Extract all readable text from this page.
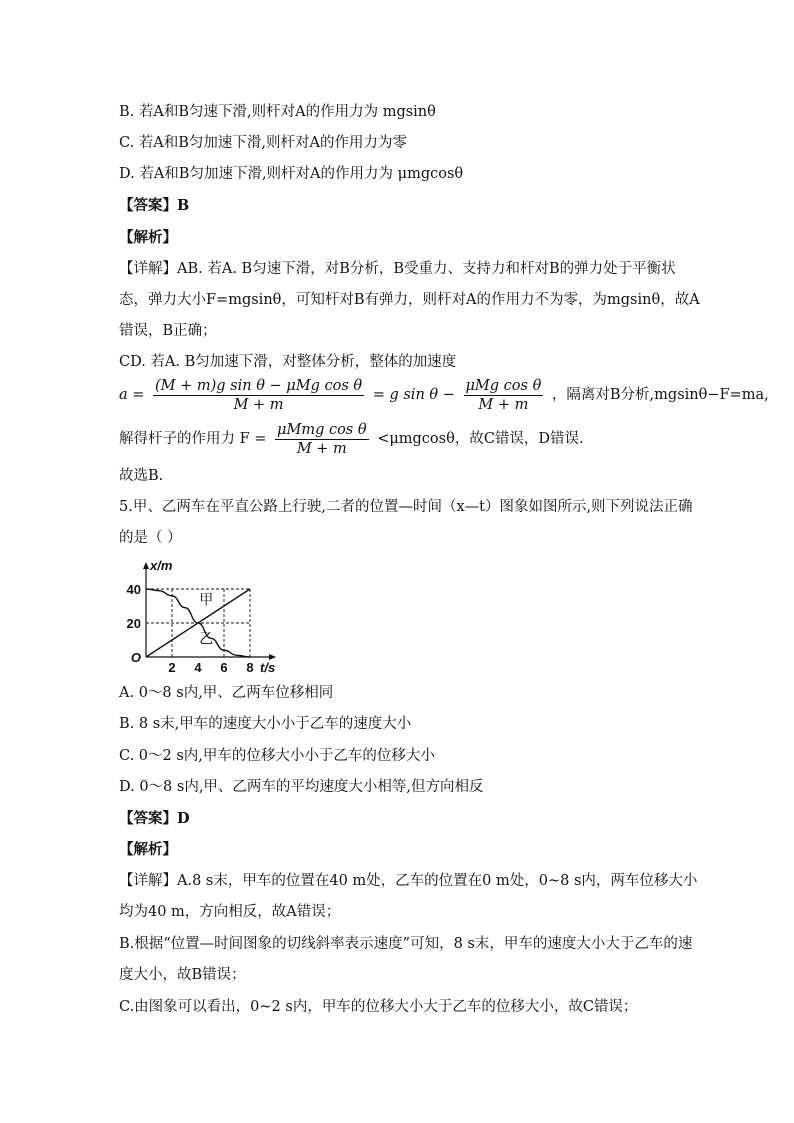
B. 若A和B匀速下滑,则杆对A的作用力为 mgsinθ
C. 若A和B匀加速下滑,则杆对A的作用力为零
D. 若A和B匀加速下滑,则杆对A的作用力为 μmgcosθ
【答案】B
【解析】
【详解】AB. 若A. B匀速下滑，对B分析，B受重力、支持力和杆对B的弹力处于平衡状
态，弹力大小F=mgsinθ，可知杆对B有弹力，则杆对A的作用力不为零，为mgsinθ，故A
错误，B正确；
CD. 若A. B匀加速下滑，对整体分析，整体的加速度
$a = \frac{\text{(M + m)g sin θ − μMg cos θ}}{M + m} = g$ $\sin \theta - \frac{\text{μMg cos θ}}{M + m}$ ，隔离对B分析,mgsinθ−F=ma,
解得杆子的作用力 $F = \frac{\text{μMmg cos θ}}{M + m} <\mu mgcos\theta$，故C错误，D错误.
故选B.
5.甲、乙两车在平直公路上行驶,二者的位置—时间（x—t）图象如图所示,则下列说法正确
的是（ ）
甲
乙
2 4 6 8
20
40
O
t/s
x/m
A. 0～8 s内,甲、乙两车位移相同
B. 8 s末,甲车的速度大小小于乙车的速度大小
C. 0～2 s内,甲车的位移大小小于乙车的位移大小
D. 0～8 s内,甲、乙两车的平均速度大小相等,但方向相反
【答案】D
【解析】
【详解】A.8 s末，甲车的位置在40 m处，乙车的位置在0 m处，0~8 s内，两车位移大小
均为40 m，方向相反，故A错误；
B.根据“位置—时间图象的切线斜率表示速度”可知，8 s末，甲车的速度大小大于乙车的速
度大小，故B错误；
C.由图象可以看出，0~2 s内，甲车的位移大小大于乙车的位移大小，故C错误；
